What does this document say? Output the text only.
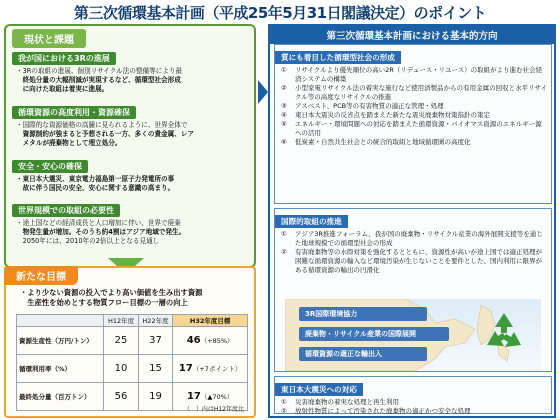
第三次循環基本計画（平成25年5月31日閣議決定）のポイント
現状と課題
我が国における3Rの進展
・3Rの取組の進展、個別リサイクル法の整備等により最
　終処分量の大幅削減が実現するなど、循環型社会形成
　に向けた取組は着実に進展。
循環資源の高度利用・資源確保
・国際的な資源価格の高騰に見られるように、世界全体で
　資源制約が強まると予想される一方、多くの貴金属、レア
　メタルが廃棄物として埋立処分。
安全・安心の確保
・東日本大震災、東京電力福島第一原子力発電所の事
　故に伴う国民の安全、安心に関する意識の高まり。
世界規模での取組の必要性
・途上国などの経済成長と人口増加に伴い、世界で廃棄
　物発生量が増加。そのうち約4割はアジア地域で発生。
　2050年には、2010年の2倍以上となる見通し
新たな目標
・より少ない資源の投入でより高い価値を生み出す資源
　生産性を始めとする物質フロー目標の一層の向上
	H12年度	H22年度	H32年度目標
資源生産性（万円/トン）	25	37	46（+85%）
循環利用率（%）	10	15	17（+7ポイント）
最終処分量（百万トン）	56	19	17（▲70%）
（　）内はH12年度比
第三次循環基本計画における基本的方向
質にも着目した循環型社会の形成
①	リサイクルより優先順位の高い2R（リデュース・リユース）の取組がより進む社会経済システムの構築
②	小型家電リサイクル法の着実な施行など使用済製品からの有用金属の回収と水平リサイクル等の高度なリサイクルの推進
③	アスベスト、PCB等の有害物質の適正な管理・処理
④	東日本大震災の反省点を踏まえた新たな震災廃棄物対策指針の策定
⑤	エネルギー・環境問題への対応を踏まえた循環資源・バイオマス資源のエネルギー源への活用
⑥	低炭素・自然共生社会との統合的取組と地域循環圏の高度化
国際的取組の推進
①	アジア3R推進フォーラム、我が国の廃棄物・リサイクル産業の海外展開支援等を通じた地球規模での循環型社会の形成
②	有害廃棄物等の水際対策を強化するとともに、資源性が高いが途上国では適正処理が困難な循環資源の輸入など環境汚染が生じないことを要件とした、国内利用に限界がある循環資源の輸出の円滑化
3R国際環境協力
廃棄物・リサイクル産業の国際展開
循環資源の適正な輸出入
東日本大震災への対応
①	災害廃棄物の着実な処理と再生利用
②	放射性物質によって汚染された廃棄物の適正かつ安全な処理
